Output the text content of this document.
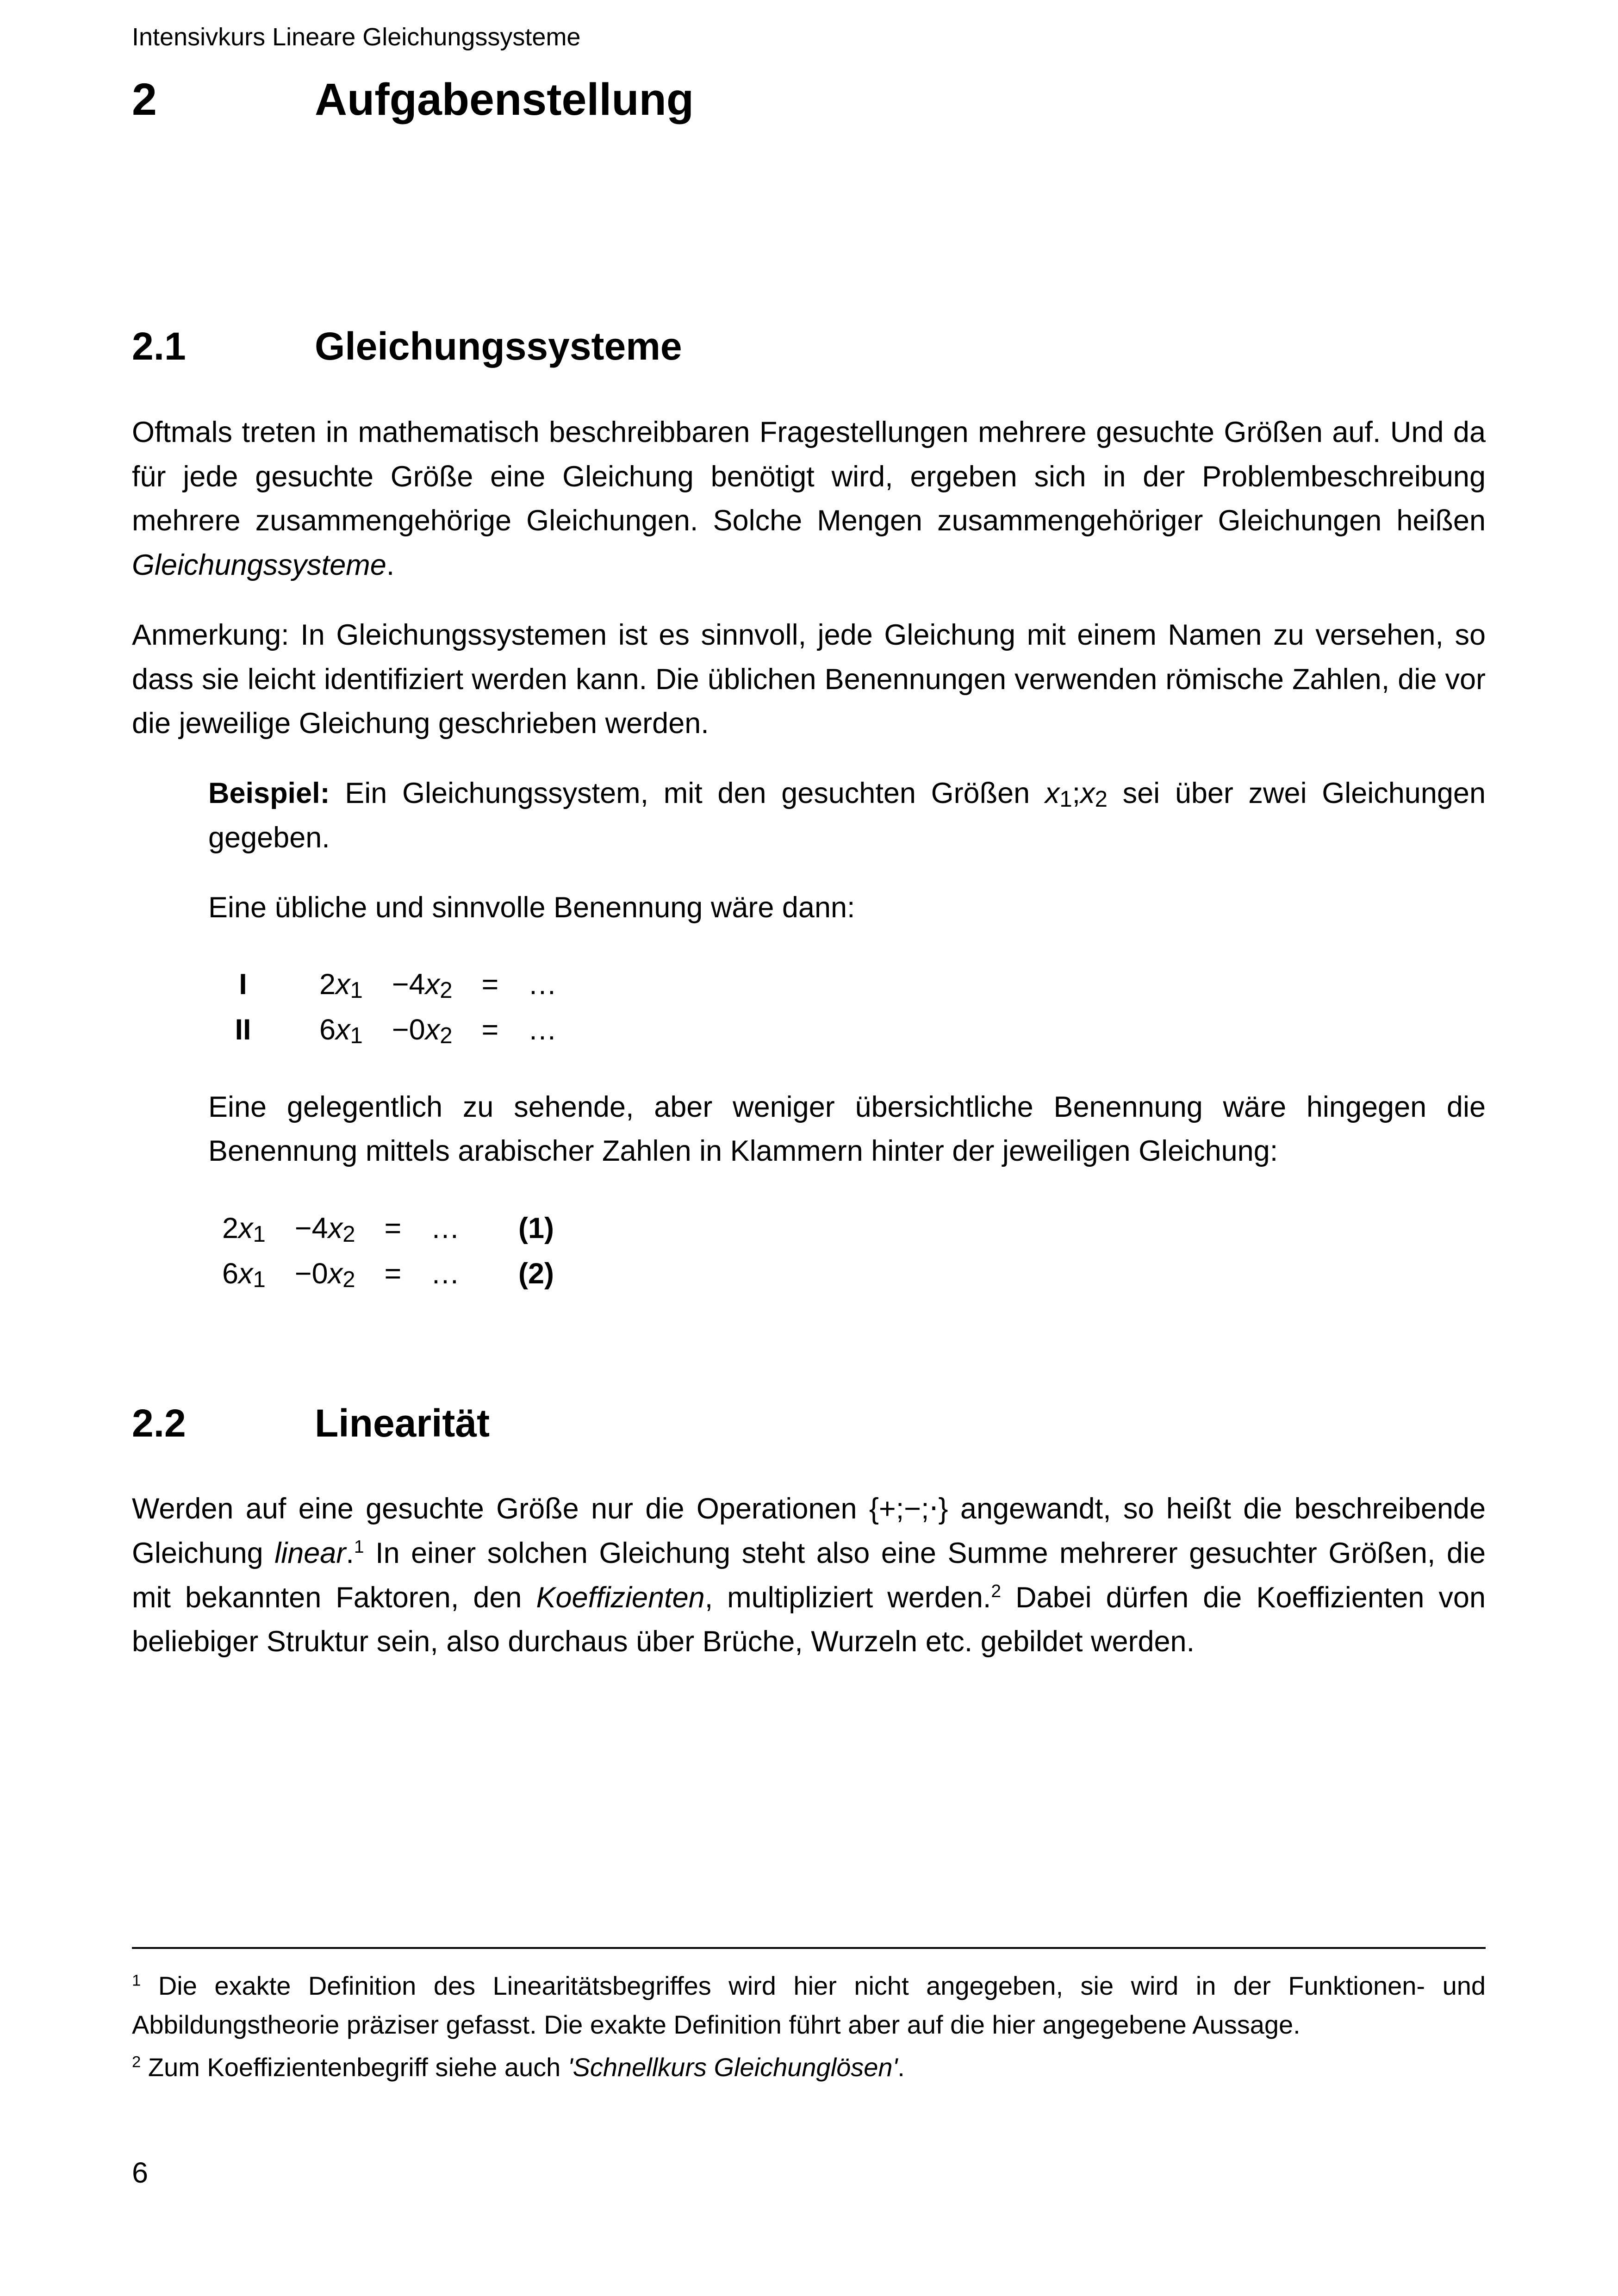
Intensivkurs Lineare Gleichungssysteme
2	Aufgabenstellung
2.1	Gleichungssysteme

Oftmals treten in mathematisch beschreibbaren Fragestellungen mehrere gesuchte Größen auf. Und da für jede gesuchte Größe eine Gleichung benötigt wird, ergeben sich in der Problembeschreibung mehrere zusammengehörige Gleichungen. Solche Mengen zusammengehöriger Gleichungen heißen Gleichungssysteme.

Anmerkung: In Gleichungssystemen ist es sinnvoll, jede Gleichung mit einem Namen zu versehen, so dass sie leicht identifiziert werden kann. Die üblichen Benennungen verwenden römische Zahlen, die vor die jeweilige Gleichung geschrieben werden.

Beispiel: Ein Gleichungssystem, mit den gesuchten Größen $x_1;x_2$ sei über zwei Gleichungen gegeben.

Eine übliche und sinnvolle Benennung wäre dann:

I	$2x_1$  $-4x_2$  =  …
II	$6x_1$  $-0x_2$  =  …

Eine gelegentlich zu sehende, aber weniger übersichtliche Benennung wäre hingegen die Benennung mittels arabischer Zahlen in Klammern hinter der jeweiligen Gleichung:

$2x_1$  $-4x_2$  =  …	(1)
$6x_1$  $-0x_2$  =  …	(2)
2.2	Linearität

Werden auf eine gesuchte Größe nur die Operationen {+;−;⋅} angewandt, so heißt die beschreibende Gleichung linear.$^1$ In einer solchen Gleichung steht also eine Summe mehrerer gesuchter Größen, die mit bekannten Faktoren, den Koeffizienten, multipliziert werden.$^2$ Dabei dürfen die Koeffizienten von beliebiger Struktur sein, also durchaus über Brüche, Wurzeln etc. gebildet werden.

$^1$ Die exakte Definition des Linearitätsbegriffes wird hier nicht angegeben, sie wird in der Funktionen- und Abbildungstheorie präziser gefasst. Die exakte Definition führt aber auf die hier angegebene Aussage.

$^2$ Zum Koeffizientenbegriff siehe auch 'Schnellkurs Gleichunglösen'.

6
